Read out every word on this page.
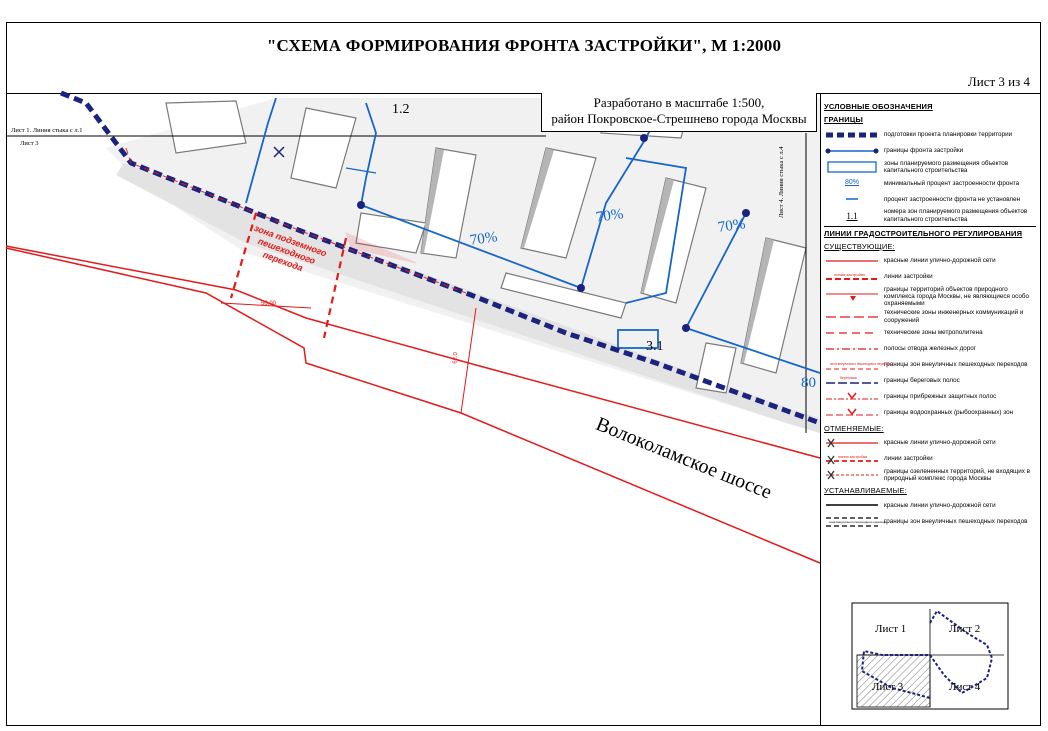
"СХЕМА ФОРМИРОВАНИЯ ФРОНТА ЗАСТРОЙКИ", М 1:2000
Лист 3 из 4
Лист 1. Линия стыка с л.1
Лист 3
Лист 4. Линия стыка с л.4
1.2
3.1
70%
70%
70%
80
Волоколамское шоссе
зона подземного пешеходного перехода
50.00
62.0
Разработано в масштабе 1:500,
район Покровское-Стрешнево города Москвы
УСЛОВНЫЕ ОБОЗНАЧЕНИЯ
ГРАНИЦЫ
подготовки проекта планировки территории
границы фронта застройки
зоны планируемого размещения объектов капитального строительства
80%	минимальный процент застроенности фронта
процент застроенности фронта не установлен
1.1	номера зон планируемого размещения объектов капитального строительства
ЛИНИИ ГРАДОСТРОИТЕЛЬНОГО РЕГУЛИРОВАНИЯ
СУЩЕСТВУЮЩИЕ:
красные линии улично-дорожной сети
линия застройки	линии застройки
границы территорий объектов природного комплекса города Москвы, не являющиеся особо охраняемыми
технические зоны инженерных коммуникаций и сооружений
технические зоны метрополитена
полосы отвода железных дорог
зона внеуличного пешеходного перехода
границы зон внеуличных пешеходных переходов
береговая	границы береговых полос
границы прибрежных защитных полос
границы водоохранных (рыбоохранных) зон
ОТМЕНЯЕМЫЕ:
красные линии улично-дорожной сети
линия застройки	линии застройки
границы озелененных территорий, не входящих в природный комплекс города Москвы
УСТАНАВЛИВАЕМЫЕ:
красные линии улично-дорожной сети
зона внеуличного пешеходного перехода
границы зон внеуличных пешеходных переходов
Лист 1	Лист 2
Лист 3	Лист 4
